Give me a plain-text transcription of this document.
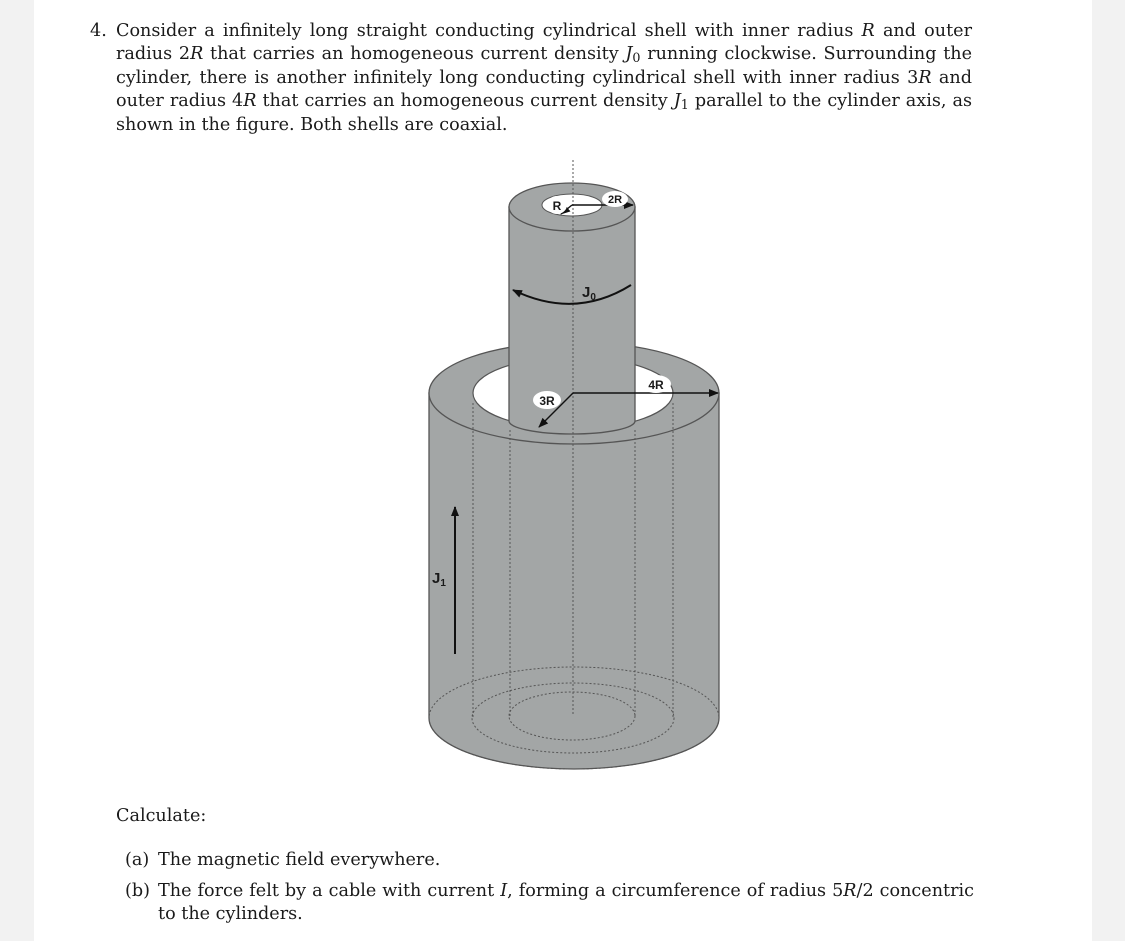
4. Consider a infinitely long straight conducting cylindrical shell with inner radius R and outer radius 2R that carries an homogeneous current density $J_0$ running clockwise. Surrounding the cylinder, there is another infinitely long conducting cylindrical shell with inner radius 3R and outer radius 4R that carries an homogeneous current density $J_1$ parallel to the cylinder axis, as shown in the figure. Both shells are coaxial.
R	2R
$J_0$
4R
3R
$J_1$
Calculate:
(a) The magnetic field everywhere.
(b) The force felt by a cable with current I, forming a circumference of radius 5R/2 concentric to the cylinders.
